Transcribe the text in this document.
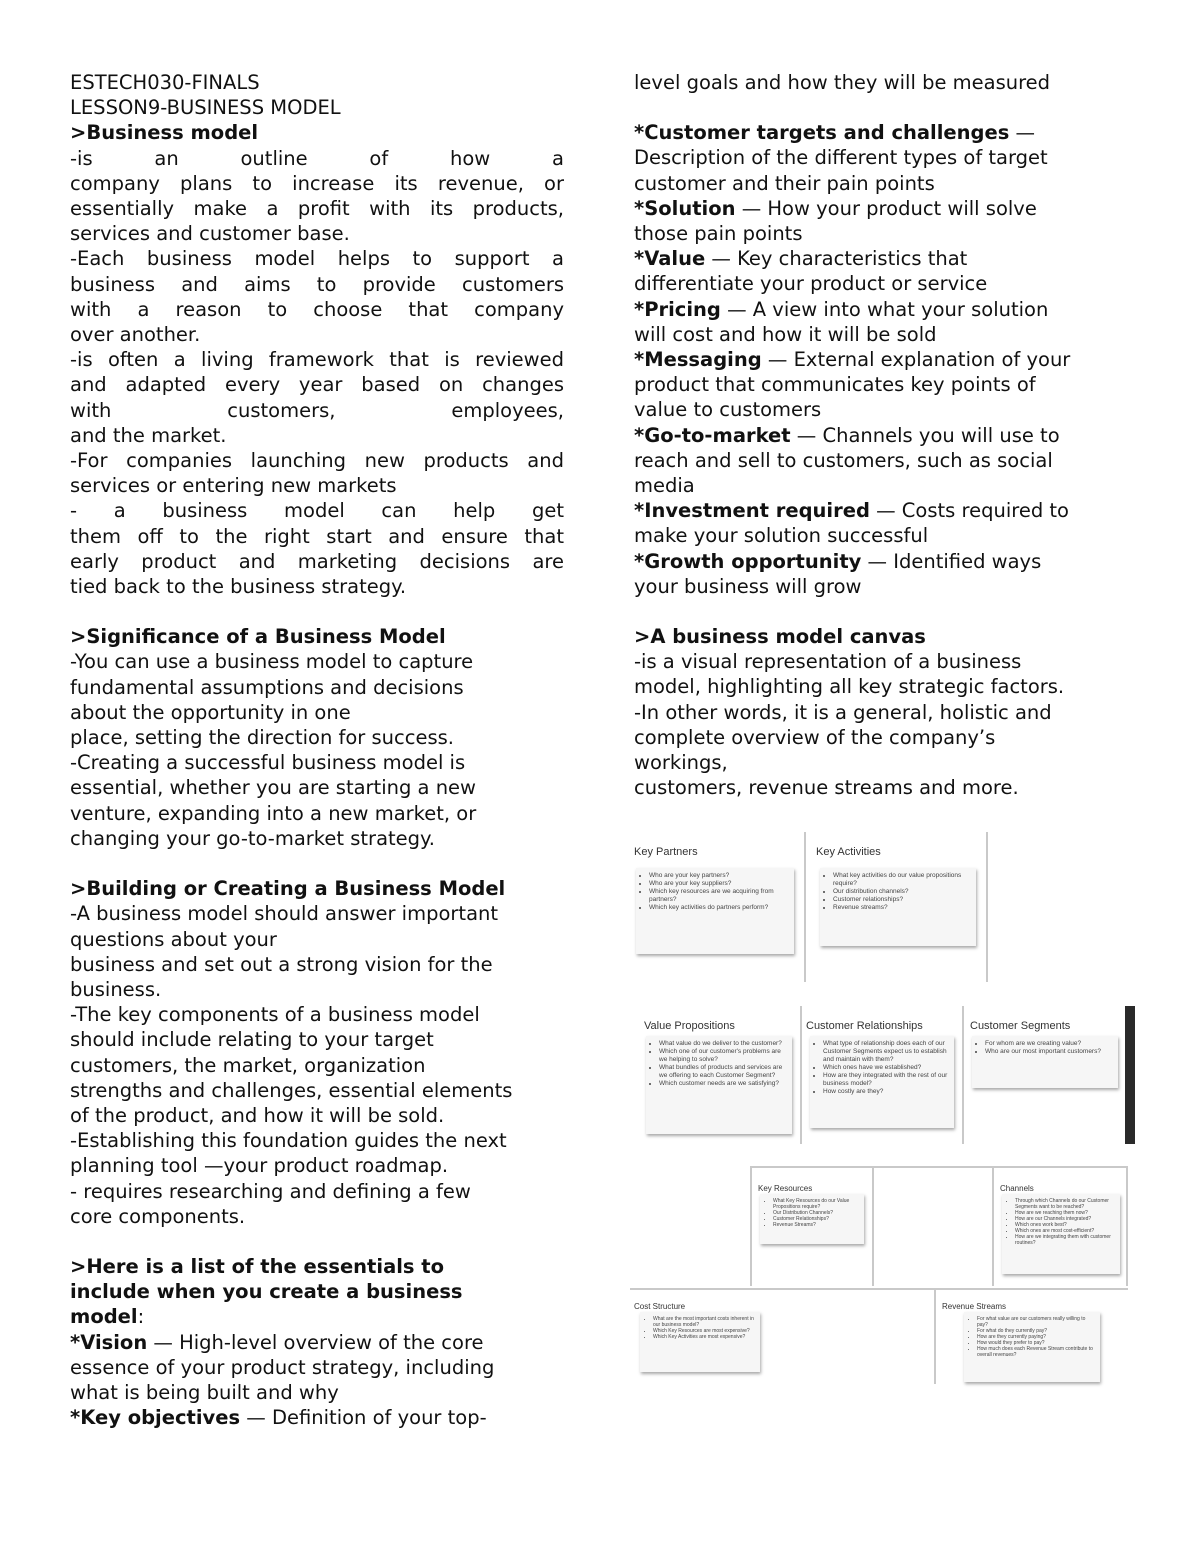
ESTECH030-FINALS

LESSON9-BUSINESS MODEL

>Business model

-is an outline of how a

company plans to increase its revenue, or

essentially make a profit with its products,

services and customer base.

-Each business model helps to support a

business and aims to provide customers

with a reason to choose that company

over another.

-is often a living framework that is reviewed

and adapted every year based on changes

with customers, employees,

and the market.

-For companies launching new products and

services or entering new markets

- a business model can help get

them off to the right start and ensure that

early product and marketing decisions are

tied back to the business strategy.

>Significance of a Business Model

-You can use a business model to capture

fundamental assumptions and decisions

about the opportunity in one

place, setting the direction for success.

-Creating a successful business model is

essential, whether you are starting a new

venture, expanding into a new market, or

changing your go-to-market strategy.

>Building or Creating a Business Model

-A business model should answer important

questions about your

business and set out a strong vision for the

business.

-The key components of a business model

should include relating to your target

customers, the market, organization

strengths and challenges, essential elements

of the product, and how it will be sold.

-Establishing this foundation guides the next

planning tool —your product roadmap.

- requires researching and defining a few

core components.

>Here is a list of the essentials to

include when you create a business

model:

*Vision — High-level overview of the core

essence of your product strategy, including

what is being built and why

*Key objectives — Definition of your top-

level goals and how they will be measured

*Customer targets and challenges —

Description of the different types of target

customer and their pain points

*Solution — How your product will solve

those pain points

*Value — Key characteristics that

differentiate your product or service

*Pricing — A view into what your solution

will cost and how it will be sold

*Messaging — External explanation of your

product that communicates key points of

value to customers

*Go-to-market — Channels you will use to

reach and sell to customers, such as social

media

*Investment required — Costs required to

make your solution successful

*Growth opportunity — Identified ways

your business will grow

>A business model canvas

-is a visual representation of a business

model, highlighting all key strategic factors.

-In other words, it is a general, holistic and

complete overview of the company’s

workings,

customers, revenue streams and more.

Key Partners
• Who are your key partners?
• Who are your key suppliers?
• Which key resources are we acquiring from partners?
• Which key activities do partners perform?
Key Activities
• What key activities do our value propositions require?
• Our distribution channels?
• Customer relationships?
• Revenue streams?
Value Propositions
• What value do we deliver to the customer?
• Which one of our customer's problems are we helping to solve?
• What bundles of products and services are we offering to each Customer Segment?
• Which customer needs are we satisfying?
Customer Relationships
• What type of relationship does each of our Customer Segments expect us to establish and maintain with them?
• Which ones have we established?
• How are they integrated with the rest of our business model?
• How costly are they?
Customer Segments
• For whom are we creating value?
• Who are our most important customers?
Key Resources
• What Key Resources do our Value Propositions require?
• Our Distribution Channels?
• Customer Relationships?
• Revenue Streams?
Channels
• Through which Channels do our Customer Segments want to be reached?
• How are we reaching them now?
• How are our Channels integrated?
• Which ones work best?
• Which ones are most cost-efficient?
• How are we integrating them with customer routines?
Cost Structure
• What are the most important costs inherent in our business model?
• Which Key Resources are most expensive?
• Which Key Activities are most expensive?
Revenue Streams
• For what value are our customers really willing to pay?
• For what do they currently pay?
• How are they currently paying?
• How would they prefer to pay?
• How much does each Revenue Stream contribute to overall revenues?
